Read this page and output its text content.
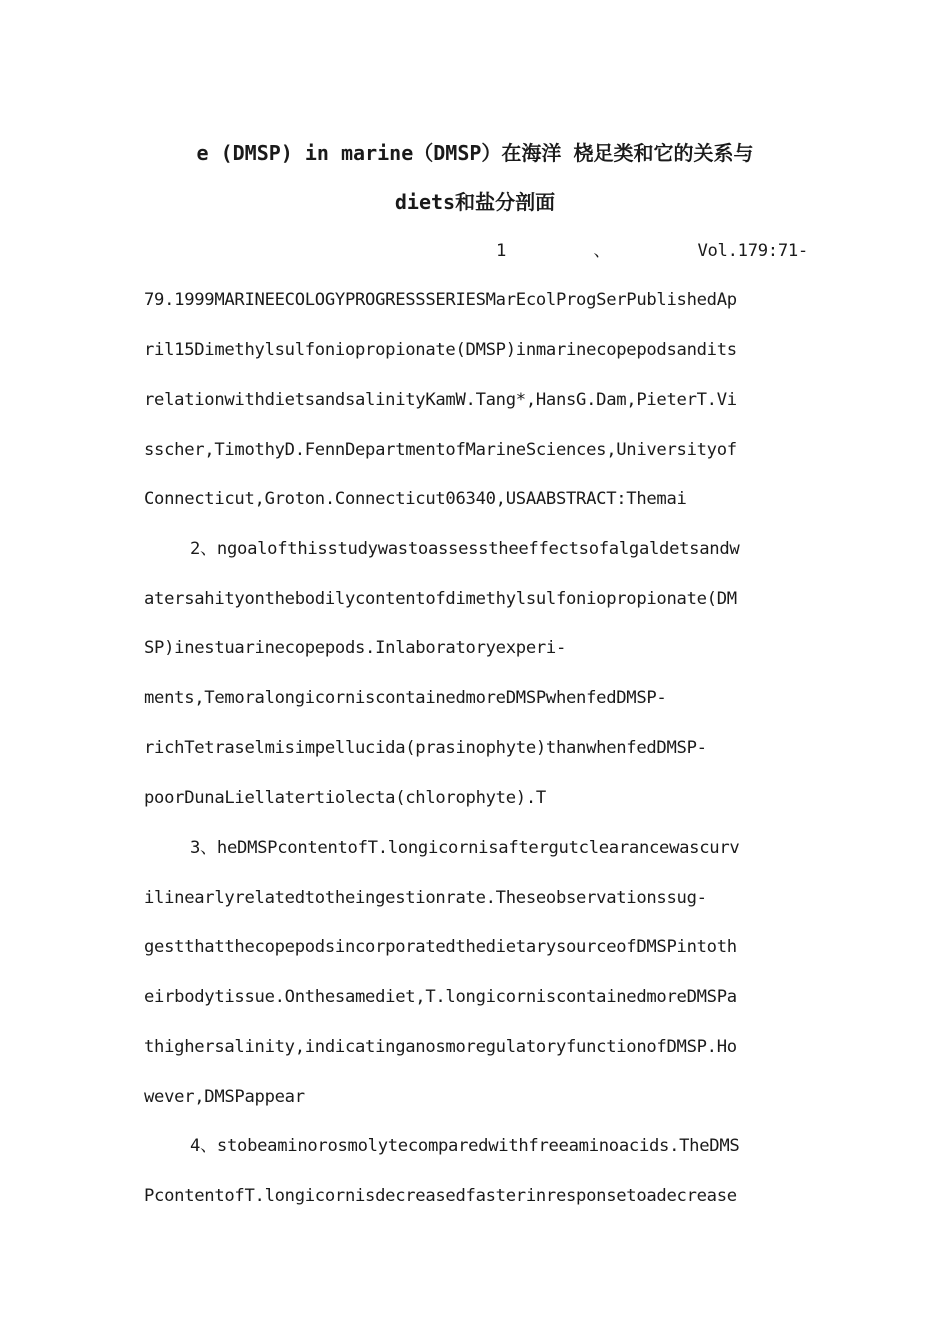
e (DMSP) in marine（DMSP）在海洋 桡足类和它的关系与
diets和盐分剖面
1	、	Vol.179:71-
79.1999MARINEECOLOGYPROGRESSSERIESMarEcolProgSerPublishedAp
ril15Dimethylsulfoniopropionate(DMSP)inmarinecopepodsandits
relationwithdietsandsalinityKamW.Tang*,HansG.Dam,PieterT.Vi
sscher,TimothyD.FennDepartmentofMarineSciences,Universityof
Connecticut,Groton.Connecticut06340,USAABSTRACT:Themai
2、ngoalofthisstudywastoassesstheeffectsofalgaldetsandw
atersahityonthebodilycontentofdimethylsulfoniopropionate(DM
SP)inestuarinecopepods.Inlaboratoryexperi-
ments,TemoralongicorniscontainedmoreDMSPwhenfedDMSP-
richTetraselmisimpellucida(prasinophyte)thanwhenfedDMSP-
poorDunaLiellatertiolecta(chlorophyte).T
3、heDMSPcontentofT.longicornisaftergutclearancewascurv
ilinearlyrelatedtotheingestionrate.Theseobservationssug-
gestthatthecopepodsincorporatedthedietarysourceofDMSPintoth
eirbodytissue.Onthesamediet,T.longicorniscontainedmoreDMSPa
thighersalinity,indicatinganosmoregulatoryfunctionofDMSP.Ho
wever,DMSPappear
4、stobeaminorosmolytecomparedwithfreeaminoacids.TheDMS
PcontentofT.longicornisdecreasedfasterinresponsetoadecrease
